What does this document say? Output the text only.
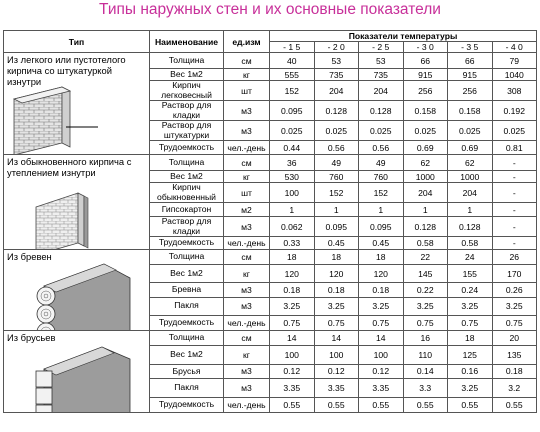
Типы наружных стен и их основные показатели
Тип	Наименование	ед.изм	Показатели температуры					
			- 1 5	- 2 0	- 2 5	- 3 0	- 3 5	- 4 0

Из легкого или пустотелого кирпича со штукатуркой изнутри	Толщина	см	40	53	53	66	66	79
	Вес 1м2	кг	555	735	735	915	915	1040
	Кирпич легковесный	шт	152	204	204	256	256	308
	Раствор для кладки	м3	0.095	0.128	0.128	0.158	0.158	0.192
	Раствор для штукатурки	м3	0.025	0.025	0.025	0.025	0.025	0.025
	Трудоемкость	чел.-день	0.44	0.56	0.56	0.69	0.69	0.81

Из обыкновенного кирпича с утеплением изнутри	Толщина	см	36	49	49	62	62	-
	Вес 1м2	кг	530	760	760	1000	1000	-
	Кирпич обыкновенный	шт	100	152	152	204	204	-
	Гипсокартон	м2	1	1	1	1	1	-
	Раствор для кладки	м3	0.062	0.095	0.095	0.128	0.128	-
	Трудоемкость	чел.-день	0.33	0.45	0.45	0.58	0.58	-

Из бревен	Толщина	см	18	18	18	22	24	26
	Вес 1м2	кг	120	120	120	145	155	170
	Бревна	м3	0.18	0.18	0.18	0.22	0.24	0.26
	Пакля	м3	3.25	3.25	3.25	3.25	3.25	3.25
	Трудоемкость	чел.-день	0.75	0.75	0.75	0.75	0.75	0.75

Из брусьев	Толщина	см	14	14	14	16	18	20
	Вес 1м2	кг	100	100	100	110	125	135
	Брусья	м3	0.12	0.12	0.12	0.14	0.16	0.18
	Пакля	м3	3.35	3.35	3.35	3.3	3.25	3.2
	Трудоемкость	чел.-день	0.55	0.55	0.55	0.55	0.55	0.55
